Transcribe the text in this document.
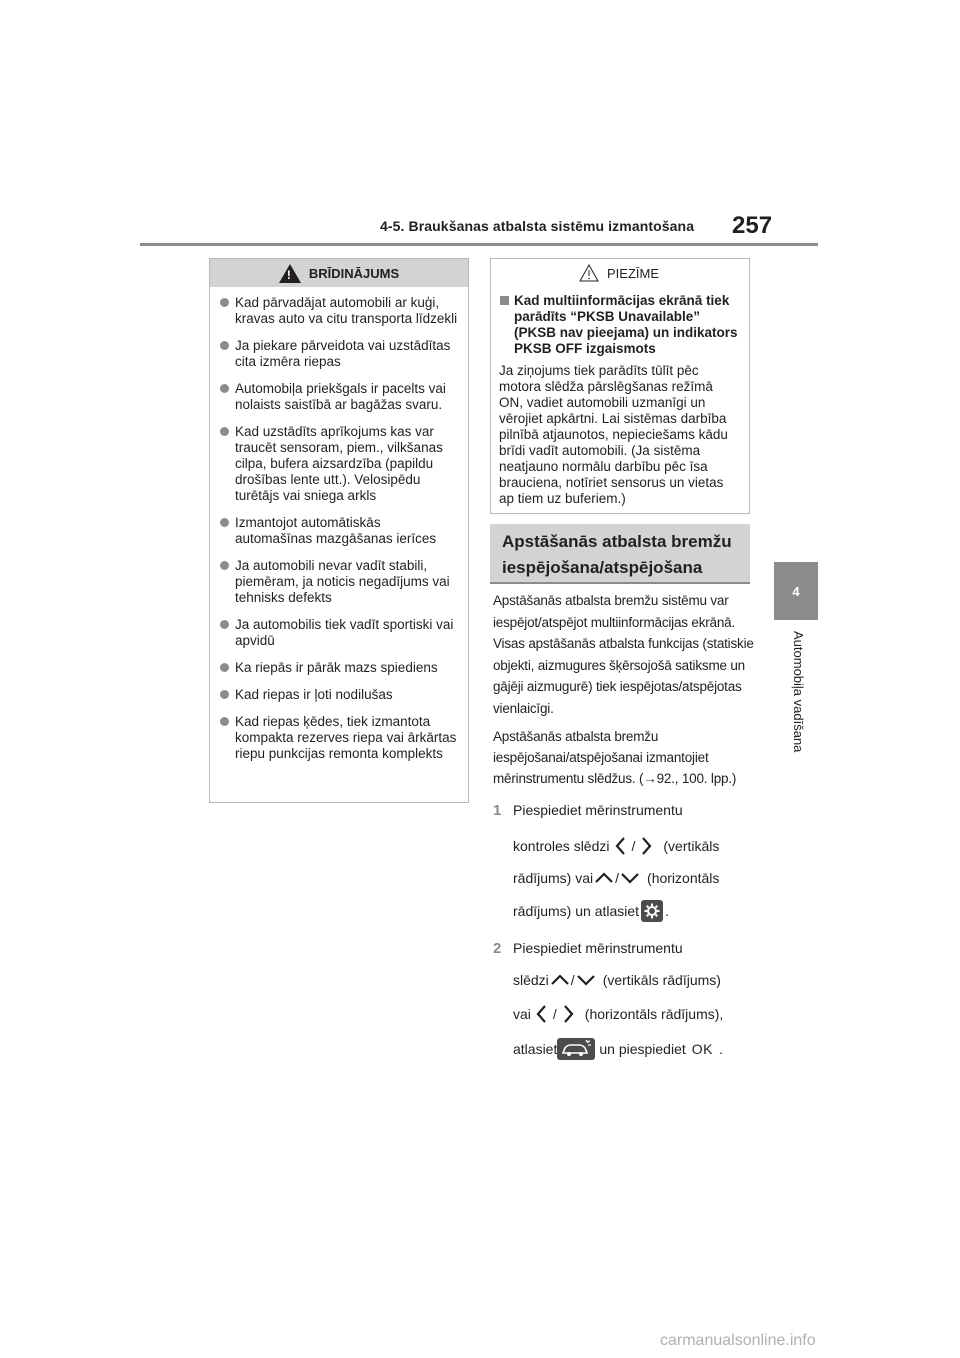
4-5. Braukšanas atbalsta sistēmu izmantošana 257
4
Automobiļa vadīšana
!
BRĪDINĀJUMS
Kad pārvadājat automobili ar kuģi, kravas auto va citu transporta līdzekli
Ja piekare pārveidota vai uzstādītas cita izmēra riepas
Automobiļa priekšgals ir pacelts vai nolaists saistībā ar bagāžas svaru.
Kad uzstādīts aprīkojums kas var traucēt sensoram, piem., vilkšanas cilpa, bufera aizsardzība (papildu drošības lente utt.). Velosipēdu turētājs vai sniega arkls
Izmantojot automātiskās automašīnas mazgāšanas ierīces
Ja automobili nevar vadīt stabili, piemēram, ja noticis negadījums vai tehnisks defekts
Ja automobilis tiek vadīt sportiski vai apvidū
Ka riepās ir pārāk mazs spiediens
Kad riepas ir ļoti nodilušas
Kad riepas ķēdes, tiek izmantota kompakta rezerves riepa vai ārkārtas riepu punkcijas remonta komplekts
PIEZĪME
Kad multiinformācijas ekrānā tiek parādīts “PKSB Unavailable” (PKSB nav pieejama) un indikators PKSB OFF izgaismots
Ja ziņojums tiek parādīts tūlīt pēc motora slēdža pārslēgšanas režīmā ON, vadiet automobili uzmanīgi un vērojiet apkārtni. Lai sistēmas darbība pilnībā atjaunotos, nepieciešams kādu brīdi vadīt automobili. (Ja sistēma neatjauno normālu darbību pēc īsa brauciena, notīriet sensorus un vietas ap tiem uz buferiem.)
Apstāšanās atbalsta bremžu iespējošana/atspējošana
Apstāšanās atbalsta bremžu sistēmu var iespējot/atspējot multiinformācijas ekrānā. Visas apstāšanās atbalsta funkcijas (statiskie objekti, aizmugures šķērsojošā satiksme un gājēji aizmugurē) tiek iespējotas/atspējotas vienlaicīgi.
Apstāšanās atbalsta bremžu iespējošanai/atspējošanai izmantojiet mērinstrumentu slēdžus. (→92., 100. lpp.)
1 Piespiediet mērinstrumentu
kontroles slēdzi / (vertikāls
rādījums) vai / (horizontāls
rādījums) un atlasiet .
2 Piespiediet mērinstrumentu
slēdzi / (vertikāls rādījums)
vai / (horizontāls rādījums),
atlasiet	un piespiediet OK .
carmanualsonline.info
